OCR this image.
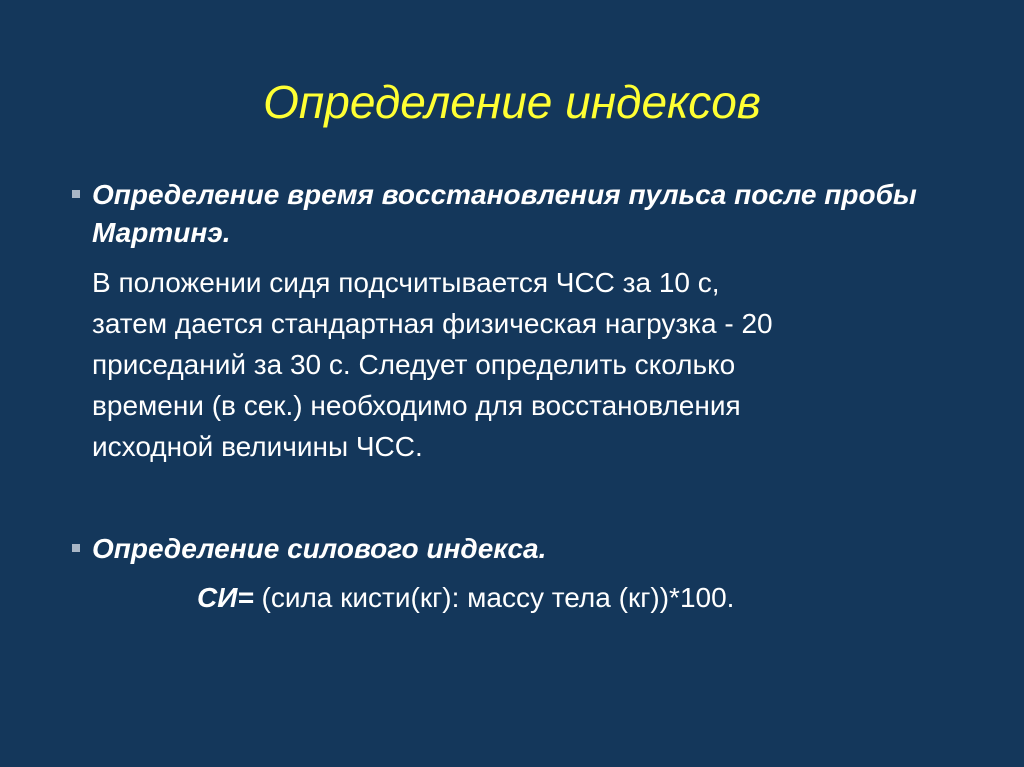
Определение индексов
Определение время восстановления пульса после пробы Мартинэ.
В положении сидя подсчитывается ЧСС за 10 с,
затем дается стандартная физическая нагрузка - 20
приседаний за 30 с. Следует определить сколько
времени (в сек.) необходимо для восстановления
исходной величины ЧСС.
Определение силового индекса.
СИ= (сила кисти(кг): массу тела (кг))*100.
